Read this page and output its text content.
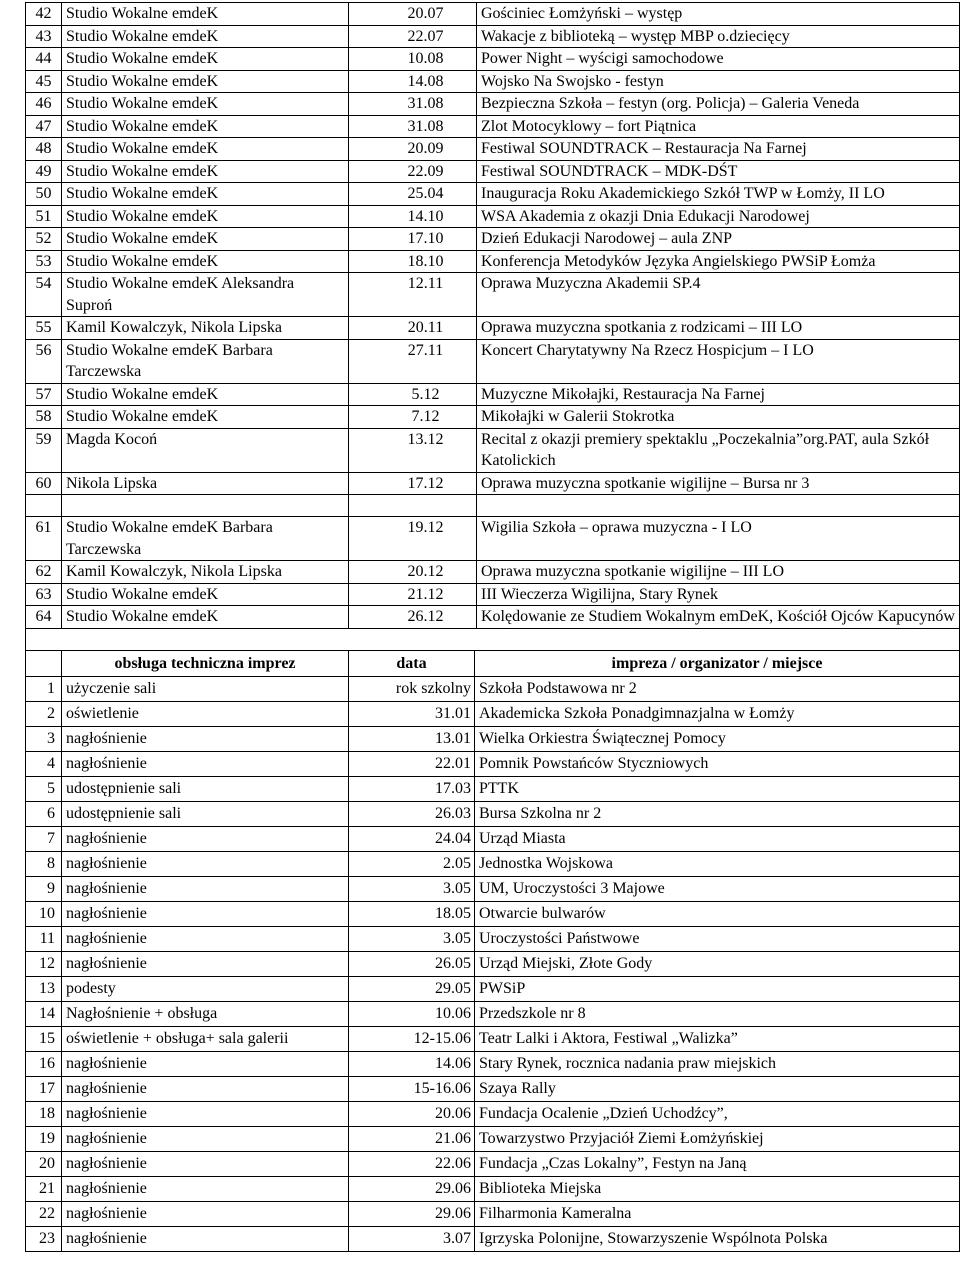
42	Studio Wokalne emdeK	20.07	Gościniec Łomżyński – występ
43	Studio Wokalne emdeK	22.07	Wakacje z biblioteką – występ MBP o.dziecięcy
44	Studio Wokalne emdeK	10.08	Power Night – wyścigi samochodowe
45	Studio Wokalne emdeK	14.08	Wojsko Na Swojsko - festyn
46	Studio Wokalne emdeK	31.08	Bezpieczna Szkoła – festyn (org. Policja) – Galeria Veneda
47	Studio Wokalne emdeK	31.08	Zlot Motocyklowy – fort Piątnica
48	Studio Wokalne emdeK	20.09	Festiwal SOUNDTRACK – Restauracja Na Farnej
49	Studio Wokalne emdeK	22.09	Festiwal SOUNDTRACK – MDK-DŚT
50	Studio Wokalne emdeK	25.04	Inauguracja Roku Akademickiego Szkół TWP w Łomży, II LO
51	Studio Wokalne emdeK	14.10	WSA Akademia z okazji Dnia Edukacji Narodowej
52	Studio Wokalne emdeK	17.10	Dzień Edukacji Narodowej – aula ZNP
53	Studio Wokalne emdeK	18.10	Konferencja Metodyków Języka Angielskiego PWSiP Łomża
54	Studio Wokalne emdeK Aleksandra Suproń	12.11	Oprawa Muzyczna Akademii SP.4
55	Kamil Kowalczyk, Nikola Lipska	20.11	Oprawa muzyczna spotkania z rodzicami – III LO
56	Studio Wokalne emdeK Barbara Tarczewska	27.11	Koncert Charytatywny Na Rzecz Hospicjum – I LO
57	Studio Wokalne emdeK	5.12	Muzyczne Mikołajki, Restauracja Na Farnej
58	Studio Wokalne emdeK	7.12	Mikołajki w Galerii Stokrotka
59	Magda Kocoń	13.12	Recital z okazji premiery spektaklu „Poczekalnia”org.PAT, aula Szkół Katolickich
60	Nikola Lipska	17.12	Oprawa muzyczna spotkanie wigilijne – Bursa nr 3

61	Studio Wokalne emdeK Barbara Tarczewska	19.12	Wigilia Szkoła – oprawa muzyczna - I LO
62	Kamil Kowalczyk, Nikola Lipska	20.12	Oprawa muzyczna spotkanie wigilijne – III LO
63	Studio Wokalne emdeK	21.12	III Wieczerza Wigilijna, Stary Rynek
64	Studio Wokalne emdeK	26.12	Kolędowanie ze Studiem Wokalnym emDeK, Kościół Ojców Kapucynów

	obsługa techniczna imprez	data	impreza / organizator / miejsce
1	użyczenie sali	rok szkolny	Szkoła Podstawowa nr 2
2	oświetlenie	31.01	Akademicka Szkoła Ponadgimnazjalna w Łomży
3	nagłośnienie	13.01	Wielka Orkiestra Świątecznej Pomocy
4	nagłośnienie	22.01	Pomnik Powstańców Styczniowych
5	udostępnienie sali	17.03	PTTK
6	udostępnienie sali	26.03	Bursa Szkolna nr 2
7	nagłośnienie	24.04	Urząd Miasta
8	nagłośnienie	2.05	Jednostka Wojskowa
9	nagłośnienie	3.05	UM, Uroczystości 3 Majowe
10	nagłośnienie	18.05	Otwarcie bulwarów
11	nagłośnienie	3.05	Uroczystości Państwowe
12	nagłośnienie	26.05	Urząd Miejski, Złote Gody
13	podesty	29.05	PWSiP
14	Nagłośnienie + obsługa	10.06	Przedszkole nr 8
15	oświetlenie + obsługa+ sala galerii	12-15.06	Teatr Lalki i Aktora, Festiwal „Walizka”
16	nagłośnienie	14.06	Stary Rynek, rocznica nadania praw miejskich
17	nagłośnienie	15-16.06	Szaya Rally
18	nagłośnienie	20.06	Fundacja Ocalenie „Dzień Uchodźcy”,
19	nagłośnienie	21.06	Towarzystwo Przyjaciół Ziemi Łomżyńskiej
20	nagłośnienie	22.06	Fundacja „Czas Lokalny”, Festyn na Janą
21	nagłośnienie	29.06	Biblioteka Miejska
22	nagłośnienie	29.06	Filharmonia Kameralna
23	nagłośnienie	3.07	Igrzyska Polonijne, Stowarzyszenie Wspólnota Polska
